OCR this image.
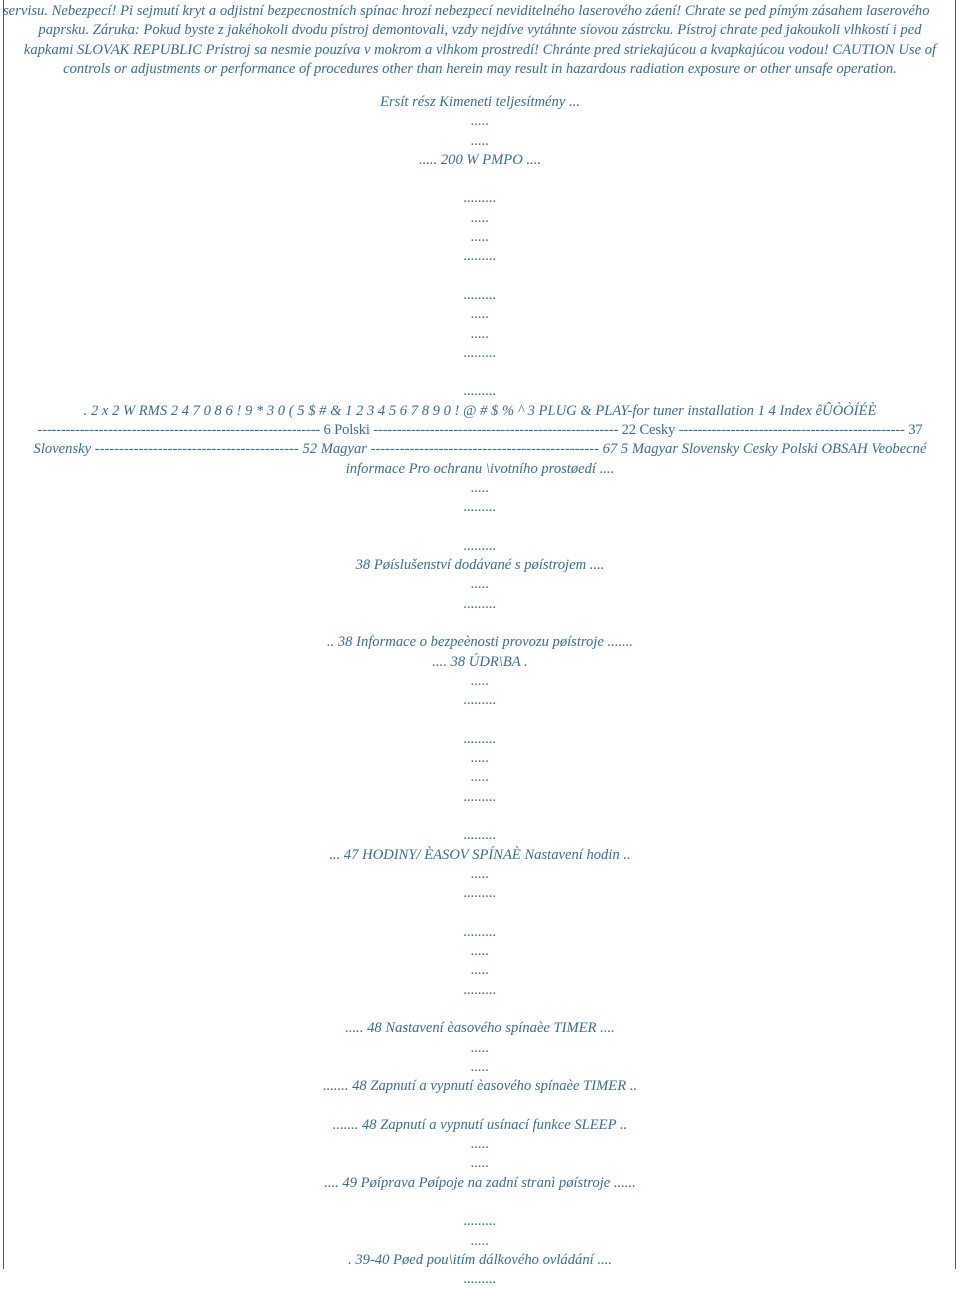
servisu. Nebezpecí! Pi sejmutí kryt a odjistní bezpecnostních spínac hrozí nebezpecí neviditelného laserového záení! Chrate se ped pímým zásahem laserového
paprsku. Záruka: Pokud byste z jakéhokoli dvodu pístroj demontovali, vzdy nejdíve vytáhnte síovou zástrcku. Pístroj chrate ped jakoukoli vlhkostí i ped
kapkami SLOVAK REPUBLIC Prístroj sa nesmie pouzíva v mokrom a vlhkom prostredí! Chránte pred striekajúcou a kvapkajúcou vodou! CAUTION Use of
controls or adjustments or performance of procedures other than herein may result in hazardous radiation exposure or other unsafe operation.
Ersít rész Kimeneti teljesítmény ...
.....
.....
..... 200 W PMPO ....
.........
.....
.....
.........
.........
.....
.....
.........
.........
. 2 x 2 W RMS 2 4 7 0 8 6 ! 9 * 3 0 ( 5 $ # & 1 2 3 4 5 6 7 8 9 0 ! @ # $ % ^ 3 PLUG & PLAY-for tuner installation 1 4 Index êÛÒÒÍÉÈ
------------------------------------------------------------ 6 Polski ---------------------------------------------------- 22 Cesky ------------------------------------------------ 37
Slovensky ------------------------------------------ 52 Magyar ----------------------------------------------- 67 5 Magyar Slovensky Cesky Polski OBSAH Veobecné
informace Pro ochranu \ivotního prostøedí ....
.....
.........
.........
38 Pøíslušenství dodávané s pøístrojem ....
.....
.........
.. 38 Informace o bezpeènosti provozu pøístroje .......
.... 38 ÚDR\BA .
.....
.........
.........
.....
.....
.........
.........
... 47 HODINY/ ÈASOV SPÍNAÈ Nastavení hodin ..
.....
.........
.........
.....
.....
.........
..... 48 Nastavení èasového spínaèe TIMER ....
.....
.....
....... 48 Zapnutí a vypnutí èasového spínaèe TIMER ..
....... 48 Zapnutí a vypnutí usínací funkce SLEEP ..
.....
.....
.... 49 Pøíprava Pøípoje na zadní stranì pøístroje ......
.........
.....
. 39-40 Pøed pou\itím dálkového ovládání ....
.........
